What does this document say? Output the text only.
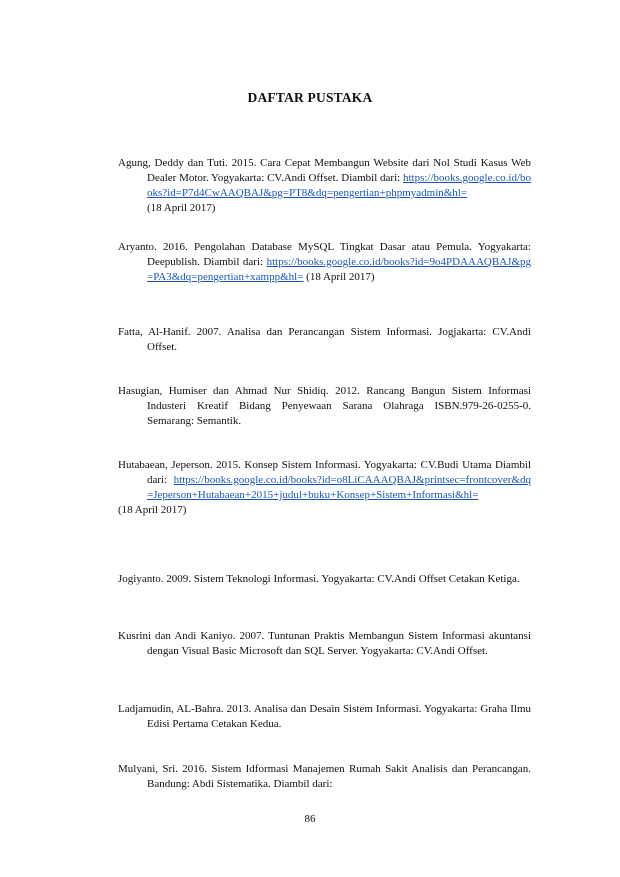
DAFTAR PUSTAKA
Agung, Deddy dan Tuti. 2015. Cara Cepat Membangun Website dari Nol Studi Kasus Web Dealer Motor. Yogyakarta: CV.Andi Offset. Diambil dari: https://books.google.co.id/books?id=P7d4CwAAQBAJ&pg=PT8&dq=pengertian+phpmyadmin&hl= (18 April 2017)
Aryanto. 2016. Pengolahan Database MySQL Tingkat Dasar atau Pemula. Yogyakarta: Deepublish. Diambil dari: https://books.google.co.id/books?id=9o4PDAAAQBAJ&pg=PA3&dq=pengertian+xampp&hl= (18 April 2017)
Fatta, Al-Hanif. 2007. Analisa dan Perancangan Sistem Informasi. Jogjakarta: CV.Andi Offset.
Hasugian, Humiser dan Ahmad Nur Shidiq. 2012. Rancang Bangun Sistem Informasi Industeri Kreatif Bidang Penyewaan Sarana Olahraga ISBN.979-26-0255-0. Semarang: Semantik.
Hutabaean, Jeperson. 2015. Konsep Sistem Informasi. Yogyakarta: CV.Budi Utama Diambil dari: https://books.google.co.id/books?id=o8LiCAAAQBAJ&printsec=frontcover&dq=Jeperson+Hutabaean+2015+judul+buku+Konsep+Sistem+Informasi&hl=
(18 April 2017)
Jogiyanto. 2009. Sistem Teknologi Informasi. Yogyakarta: CV.Andi Offset Cetakan Ketiga.
Kusrini dan Andi Kaniyo. 2007. Tuntunan Praktis Membangun Sistem Informasi akuntansi dengan Visual Basic Microsoft dan SQL Server. Yogyakarta: CV.Andi Offset.
Ladjamudin, AL-Bahra. 2013. Analisa dan Desain Sistem Informasi. Yogyakarta: Graha Ilmu Edisi Pertama Cetakan Kedua.
Mulyani, Sri. 2016. Sistem Idformasi Manajemen Rumah Sakit Analisis dan Perancangan. Bandung: Abdi Sistematika. Diambil dari:
86
